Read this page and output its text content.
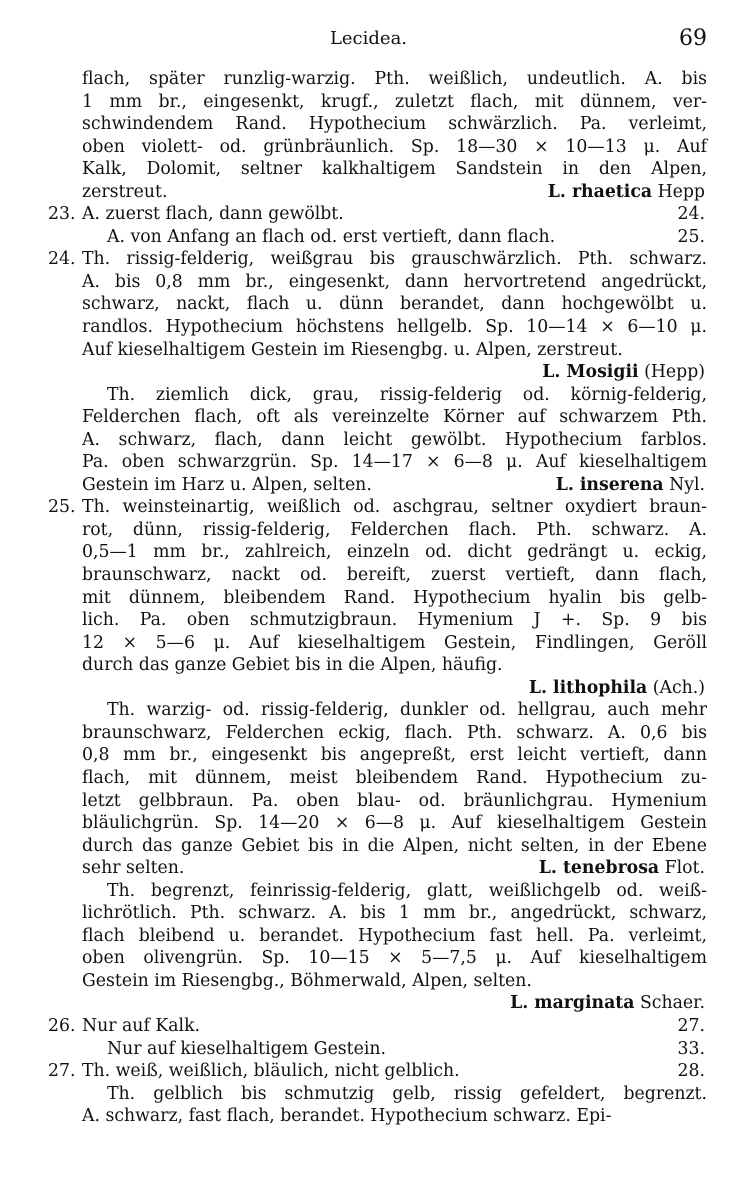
Lecidea.	69
flach, später runzlig-warzig. Pth. weißlich, undeutlich. A. bis
1 mm br., eingesenkt, krugf., zuletzt flach, mit dünnem, ver-
schwindendem Rand. Hypothecium schwärzlich. Pa. verleimt,
oben violett- od. grünbräunlich. Sp. 18—30 × 10—13 μ. Auf
Kalk, Dolomit, seltner kalkhaltigem Sandstein in den Alpen,
zerstreut.	L. rhaetica Hepp
23. A. zuerst flach, dann gewölbt.	24.
A. von Anfang an flach od. erst vertieft, dann flach.	25.
24. Th. rissig-felderig, weißgrau bis grauschwärzlich. Pth. schwarz.
A. bis 0,8 mm br., eingesenkt, dann hervortretend angedrückt,
schwarz, nackt, flach u. dünn berandet, dann hochgewölbt u.
randlos. Hypothecium höchstens hellgelb. Sp. 10—14 × 6—10 μ.
Auf kieselhaltigem Gestein im Riesengbg. u. Alpen, zerstreut.
L. Mosigii (Hepp)
Th. ziemlich dick, grau, rissig-felderig od. körnig-felderig,
Felderchen flach, oft als vereinzelte Körner auf schwarzem Pth.
A. schwarz, flach, dann leicht gewölbt. Hypothecium farblos.
Pa. oben schwarzgrün. Sp. 14—17 × 6—8 μ. Auf kieselhaltigem
Gestein im Harz u. Alpen, selten.	L. inserena Nyl.
25. Th. weinsteinartig, weißlich od. aschgrau, seltner oxydiert braun-
rot, dünn, rissig-felderig, Felderchen flach. Pth. schwarz. A.
0,5—1 mm br., zahlreich, einzeln od. dicht gedrängt u. eckig,
braunschwarz, nackt od. bereift, zuerst vertieft, dann flach,
mit dünnem, bleibendem Rand. Hypothecium hyalin bis gelb-
lich. Pa. oben schmutzigbraun. Hymenium J +. Sp. 9 bis
12 × 5—6 μ. Auf kieselhaltigem Gestein, Findlingen, Geröll
durch das ganze Gebiet bis in die Alpen, häufig.
L. lithophila (Ach.)
Th. warzig- od. rissig-felderig, dunkler od. hellgrau, auch mehr
braunschwarz, Felderchen eckig, flach. Pth. schwarz. A. 0,6 bis
0,8 mm br., eingesenkt bis angepreßt, erst leicht vertieft, dann
flach, mit dünnem, meist bleibendem Rand. Hypothecium zu-
letzt gelbbraun. Pa. oben blau- od. bräunlichgrau. Hymenium
bläulichgrün. Sp. 14—20 × 6—8 μ. Auf kieselhaltigem Gestein
durch das ganze Gebiet bis in die Alpen, nicht selten, in der Ebene
sehr selten.	L. tenebrosa Flot.
Th. begrenzt, feinrissig-felderig, glatt, weißlichgelb od. weiß-
lichrötlich. Pth. schwarz. A. bis 1 mm br., angedrückt, schwarz,
flach bleibend u. berandet. Hypothecium fast hell. Pa. verleimt,
oben olivengrün. Sp. 10—15 × 5—7,5 μ. Auf kieselhaltigem
Gestein im Riesengbg., Böhmerwald, Alpen, selten.
L. marginata Schaer.
26. Nur auf Kalk.	27.
Nur auf kieselhaltigem Gestein.	33.
27. Th. weiß, weißlich, bläulich, nicht gelblich.	28.
Th. gelblich bis schmutzig gelb, rissig gefeldert, begrenzt.
A. schwarz, fast flach, berandet. Hypothecium schwarz. Epi-
